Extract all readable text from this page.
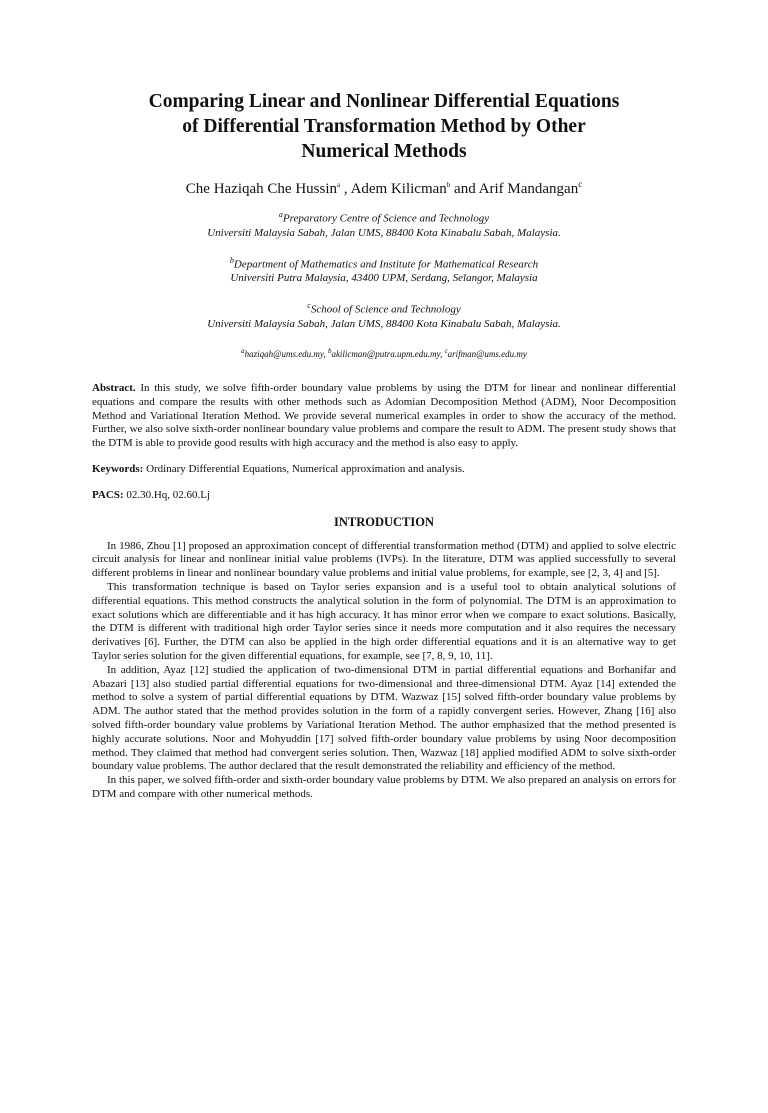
Comparing Linear and Nonlinear Differential Equations
of Differential Transformation Method by Other
Numerical Methods
Che Haziqah Che Hussin$^a$ , Adem Kilicman$^b$ and Arif Mandangan$^c$
$^a$Preparatory Centre of Science and Technology
Universiti Malaysia Sabah, Jalan UMS, 88400 Kota Kinabalu Sabah, Malaysia.
$^b$Department of Mathematics and Institute for Mathematical Research
Universiti Putra Malaysia, 43400 UPM, Serdang, Selangor, Malaysia
$^c$School of Science and Technology
Universiti Malaysia Sabah, Jalan UMS, 88400 Kota Kinabalu Sabah, Malaysia.
$^a$haziqah@ums.edu.my, $^b$akilicman@putra.upm.edu.my, $^c$arifman@ums.edu.my

Abstract. In this study, we solve fifth-order boundary value problems by using the DTM for linear and nonlinear differential equations and compare the results with other methods such as Adomian Decomposition Method (ADM), Noor Decomposition Method and Variational Iteration Method. We provide several numerical examples in order to show the accuracy of the method. Further, we also solve sixth-order nonlinear boundary value problems and compare the result to ADM. The present study shows that the DTM is able to provide good results with high accuracy and the method is also easy to apply.

Keywords: Ordinary Differential Equations, Numerical approximation and analysis.

PACS: 02.30.Hq, 02.60.Lj

INTRODUCTION

In 1986, Zhou [1] proposed an approximation concept of differential transformation method (DTM) and applied to solve electric circuit analysis for linear and nonlinear initial value problems (IVPs). In the literature, DTM was applied successfully to several different problems in linear and nonlinear boundary value problems and initial value problems, for example, see [2, 3, 4] and [5].

This transformation technique is based on Taylor series expansion and is a useful tool to obtain analytical solutions of differential equations. This method constructs the analytical solution in the form of polynomial. The DTM is an approximation to exact solutions which are differentiable and it has high accuracy. It has minor error when we compare to exact solutions. Basically, the DTM is different with traditional high order Taylor series since it needs more computation and it also requires the necessary derivatives [6]. Further, the DTM can also be applied in the high order differential equations and it is an alternative way to get Taylor series solution for the given differential equations, for example, see [7, 8, 9, 10, 11].

In addition, Ayaz [12] studied the application of two-dimensional DTM in partial differential equations and Borhanifar and Abazari [13] also studied partial differential equations for two-dimensional and three-dimensional DTM. Ayaz [14] extended the method to solve a system of partial differential equations by DTM. Wazwaz [15] solved fifth-order boundary value problems by ADM. The author stated that the method provides solution in the form of a rapidly convergent series. However, Zhang [16] also solved fifth-order boundary value problems by Variational Iteration Method. The author emphasized that the method presented is highly accurate solutions. Noor and Mohyuddin [17] solved fifth-order boundary value problems by using Noor decomposition method. They claimed that method had convergent series solution. Then, Wazwaz [18] applied modified ADM to solve sixth-order boundary value problems. The author declared that the result demonstrated the reliability and efficiency of the method.

In this paper, we solved fifth-order and sixth-order boundary value problems by DTM. We also prepared an analysis on errors for DTM and compare with other numerical methods.
